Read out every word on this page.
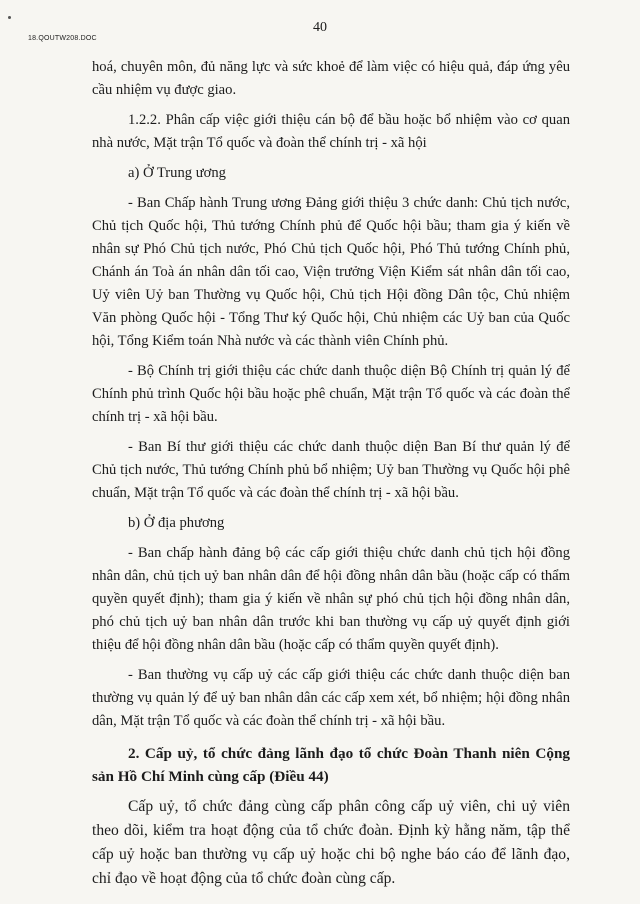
40
18.QOUTW208.DOC

hoá, chuyên môn, đủ năng lực và sức khoẻ để làm việc có hiệu quả, đáp ứng yêu cầu nhiệm vụ được giao.

1.2.2. Phân cấp việc giới thiệu cán bộ để bầu hoặc bổ nhiệm vào cơ quan nhà nước, Mặt trận Tổ quốc và đoàn thể chính trị - xã hội

a) Ở Trung ương

- Ban Chấp hành Trung ương Đảng giới thiệu 3 chức danh: Chủ tịch nước, Chủ tịch Quốc hội, Thủ tướng Chính phủ để Quốc hội bầu; tham gia ý kiến về nhân sự Phó Chủ tịch nước, Phó Chủ tịch Quốc hội, Phó Thủ tướng Chính phủ, Chánh án Toà án nhân dân tối cao, Viện trưởng Viện Kiểm sát nhân dân tối cao, Uỷ viên Uỷ ban Thường vụ Quốc hội, Chủ tịch Hội đồng Dân tộc, Chủ nhiệm Văn phòng Quốc hội - Tổng Thư ký Quốc hội, Chủ nhiệm các Uỷ ban của Quốc hội, Tổng Kiểm toán Nhà nước và các thành viên Chính phủ.

- Bộ Chính trị giới thiệu các chức danh thuộc diện Bộ Chính trị quản lý để Chính phủ trình Quốc hội bầu hoặc phê chuẩn, Mặt trận Tổ quốc và các đoàn thể chính trị - xã hội bầu.

- Ban Bí thư giới thiệu các chức danh thuộc diện Ban Bí thư quản lý để Chủ tịch nước, Thủ tướng Chính phủ bổ nhiệm; Uỷ ban Thường vụ Quốc hội phê chuẩn, Mặt trận Tổ quốc và các đoàn thể chính trị - xã hội bầu.

b) Ở địa phương

- Ban chấp hành đảng bộ các cấp giới thiệu chức danh chủ tịch hội đồng nhân dân, chủ tịch uỷ ban nhân dân để hội đồng nhân dân bầu (hoặc cấp có thẩm quyền quyết định); tham gia ý kiến về nhân sự phó chủ tịch hội đồng nhân dân, phó chủ tịch uỷ ban nhân dân trước khi ban thường vụ cấp uỷ quyết định giới thiệu để hội đồng nhân dân bầu (hoặc cấp có thẩm quyền quyết định).

- Ban thường vụ cấp uỷ các cấp giới thiệu các chức danh thuộc diện ban thường vụ quản lý để uỷ ban nhân dân các cấp xem xét, bổ nhiệm; hội đồng nhân dân, Mặt trận Tổ quốc và các đoàn thể chính trị - xã hội bầu.

2. Cấp uỷ, tổ chức đảng lãnh đạo tổ chức Đoàn Thanh niên Cộng sản Hồ Chí Minh cùng cấp (Điều 44)

Cấp uỷ, tổ chức đảng cùng cấp phân công cấp uỷ viên, chi uỷ viên theo dõi, kiểm tra hoạt động của tổ chức đoàn. Định kỳ hằng năm, tập thể cấp uỷ hoặc ban thường vụ cấp uỷ hoặc chi bộ nghe báo cáo để lãnh đạo, chỉ đạo về hoạt động của tổ chức đoàn cùng cấp.
